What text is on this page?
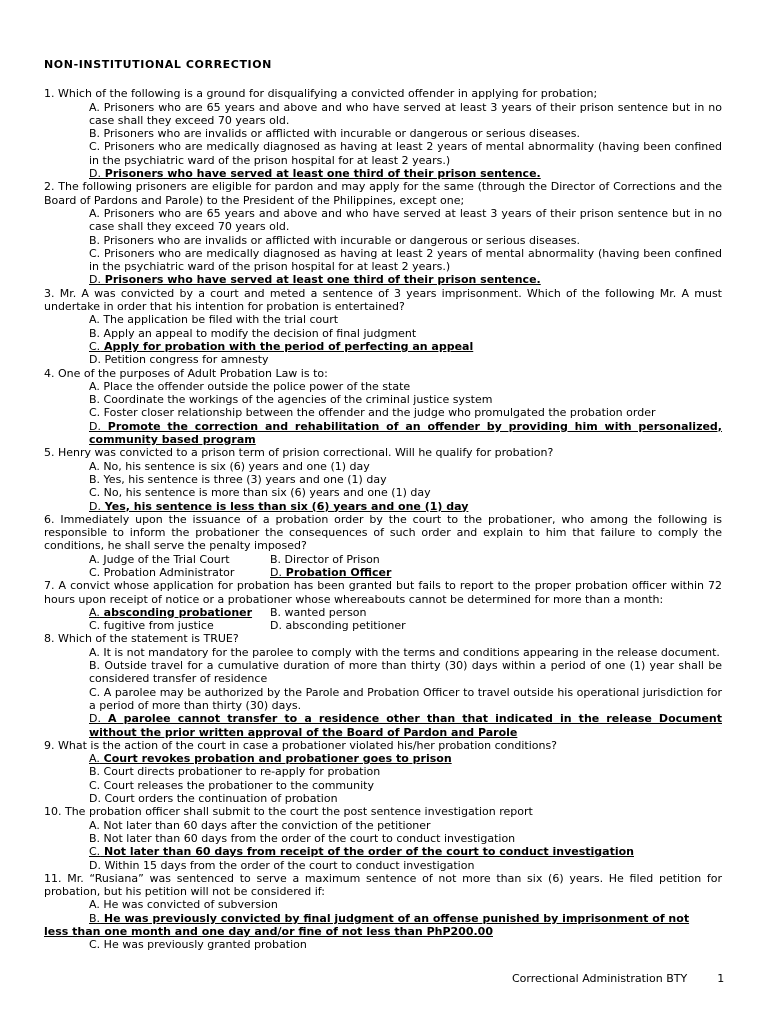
NON-INSTITUTIONAL CORRECTION
1. Which of the following is a ground for disqualifying a convicted offender in applying for probation;
A. Prisoners who are 65 years and above and who have served at least 3 years of their prison sentence but in no case shall they exceed 70 years old.
B. Prisoners who are invalids or afflicted with incurable or dangerous or serious diseases.
C. Prisoners who are medically diagnosed as having at least 2 years of mental abnormality (having been confined in the psychiatric ward of the prison hospital for at least 2 years.)
D. Prisoners who have served at least one third of their prison sentence.
2. The following prisoners are eligible for pardon and may apply for the same (through the Director of Corrections and the Board of Pardons and Parole) to the President of the Philippines, except one;
A. Prisoners who are 65 years and above and who have served at least 3 years of their prison sentence but in no case shall they exceed 70 years old.
B. Prisoners who are invalids or afflicted with incurable or dangerous or serious diseases.
C. Prisoners who are medically diagnosed as having at least 2 years of mental abnormality (having been confined in the psychiatric ward of the prison hospital for at least 2 years.)
D. Prisoners who have served at least one third of their prison sentence.
3. Mr. A was convicted by a court and meted a sentence of 3 years imprisonment. Which of the following Mr. A must undertake in order that his intention for probation is entertained?
A. The application be filed with the trial court
B. Apply an appeal to modify the decision of final judgment
C. Apply for probation with the period of perfecting an appeal
D. Petition congress for amnesty
4. One of the purposes of Adult Probation Law is to:
A. Place the offender outside the police power of the state
B. Coordinate the workings of the agencies of the criminal justice system
C. Foster closer relationship between the offender and the judge who promulgated the probation order
D. Promote the correction and rehabilitation of an offender by providing him with personalized, community based program
5. Henry was convicted to a prison term of prision correctional. Will he qualify for probation?
A. No, his sentence is six (6) years and one (1) day
B. Yes, his sentence is three (3) years and one (1) day
C. No, his sentence is more than six (6) years and one (1) day
D. Yes, his sentence is less than six (6) years and one (1) day
6. Immediately upon the issuance of a probation order by the court to the probationer, who among the following is responsible to inform the probationer the consequences of such order and explain to him that failure to comply the conditions, he shall serve the penalty imposed?
A. Judge of the Trial Court	B. Director of Prison
C. Probation Administrator	D. Probation Officer
7. A convict whose application for probation has been granted but fails to report to the proper probation officer within 72 hours upon receipt of notice or a probationer whose whereabouts cannot be determined for more than a month:
A. absconding probationer	B. wanted person
C. fugitive from justice	D. absconding petitioner
8. Which of the statement is TRUE?
A. It is not mandatory for the parolee to comply with the terms and conditions appearing in the release document.
B. Outside travel for a cumulative duration of more than thirty (30) days within a period of one (1) year shall be considered transfer of residence
C. A parolee may be authorized by the Parole and Probation Officer to travel outside his operational jurisdiction for a period of more than thirty (30) days.
D. A parolee cannot transfer to a residence other than that indicated in the release Document without the prior written approval of the Board of Pardon and Parole
9. What is the action of the court in case a probationer violated his/her probation conditions?
A. Court revokes probation and probationer goes to prison
B. Court directs probationer to re-apply for probation
C. Court releases the probationer to the community
D. Court orders the continuation of probation
10. The probation officer shall submit to the court the post sentence investigation report
A. Not later than 60 days after the conviction of the petitioner
B. Not later than 60 days from the order of the court to conduct investigation
C. Not later than 60 days from receipt of the order of the court to conduct investigation
D. Within 15 days from the order of the court to conduct investigation
11. Mr. “Rusiana” was sentenced to serve a maximum sentence of not more than six (6) years. He filed petition for probation, but his petition will not be considered if:
A. He was convicted of subversion
B. He was previously convicted by final judgment of an offense punished by imprisonment of not
less than one month and one day and/or fine of not less than PhP200.00
C. He was previously granted probation
Correctional Administration BTY	1
